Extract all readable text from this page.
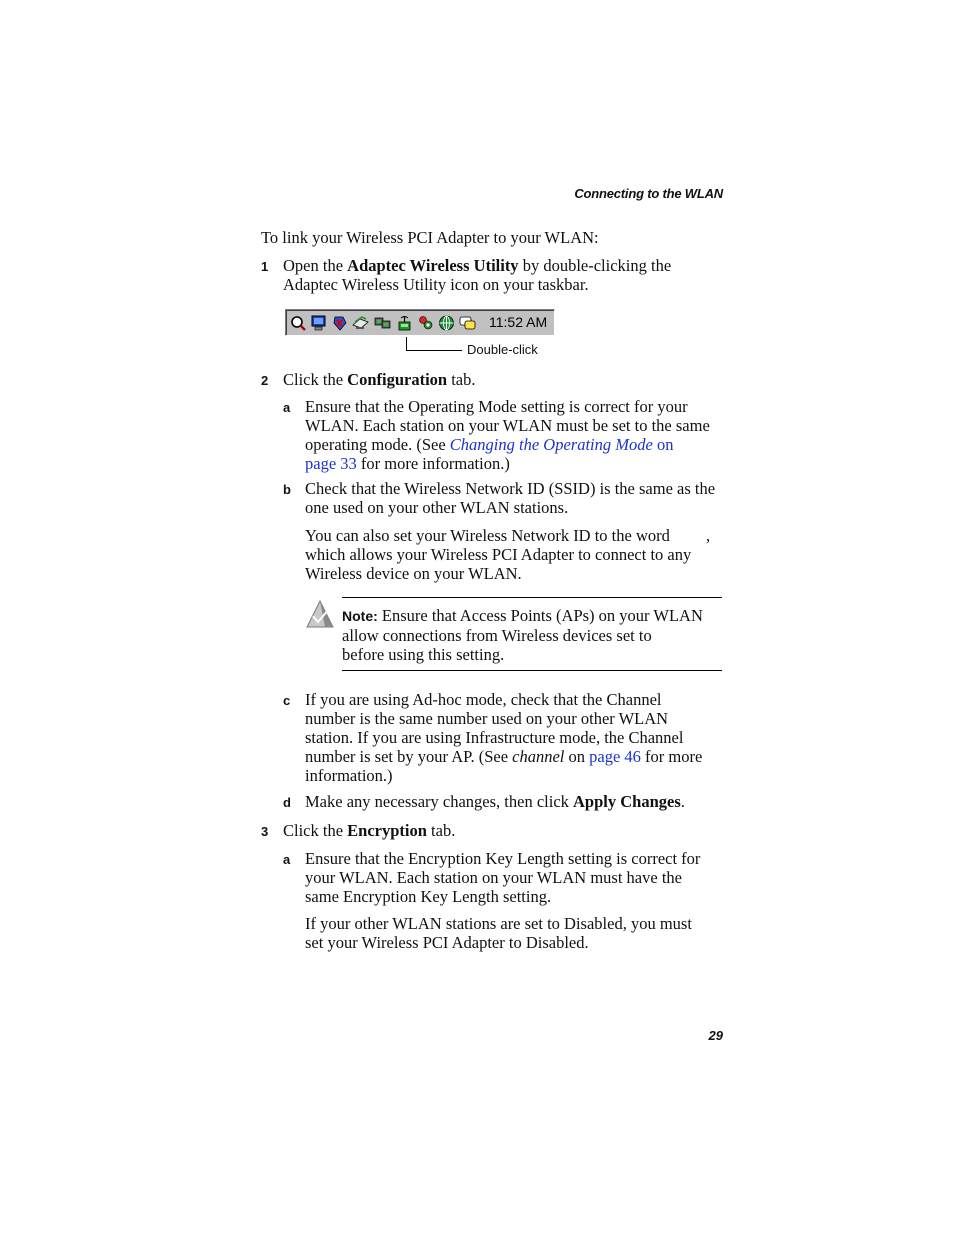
Connecting to the WLAN
To link your Wireless PCI Adapter to your WLAN:
1 Open the Adaptec Wireless Utility by double-clicking the
Adaptec Wireless Utility icon on your taskbar.
11:52 AM
Double-click
2 Click the Configuration tab.
a Ensure that the Operating Mode setting is correct for your
WLAN. Each station on your WLAN must be set to the same
operating mode. (See Changing the Operating Mode on
page 33 for more information.)
b Check that the Wireless Network ID (SSID) is the same as the
one used on your other WLAN stations.
You can also set your Wireless Network ID to the word ,
which allows your Wireless PCI Adapter to connect to any
Wireless device on your WLAN.
Note: Ensure that Access Points (APs) on your WLAN
allow connections from Wireless devices set to
before using this setting.
c If you are using Ad-hoc mode, check that the Channel
number is the same number used on your other WLAN
station. If you are using Infrastructure mode, the Channel
number is set by your AP. (See channel on page 46 for more
information.)
d Make any necessary changes, then click Apply Changes.
3 Click the Encryption tab.
a Ensure that the Encryption Key Length setting is correct for
your WLAN. Each station on your WLAN must have the
same Encryption Key Length setting.
If your other WLAN stations are set to Disabled, you must
set your Wireless PCI Adapter to Disabled.
29
